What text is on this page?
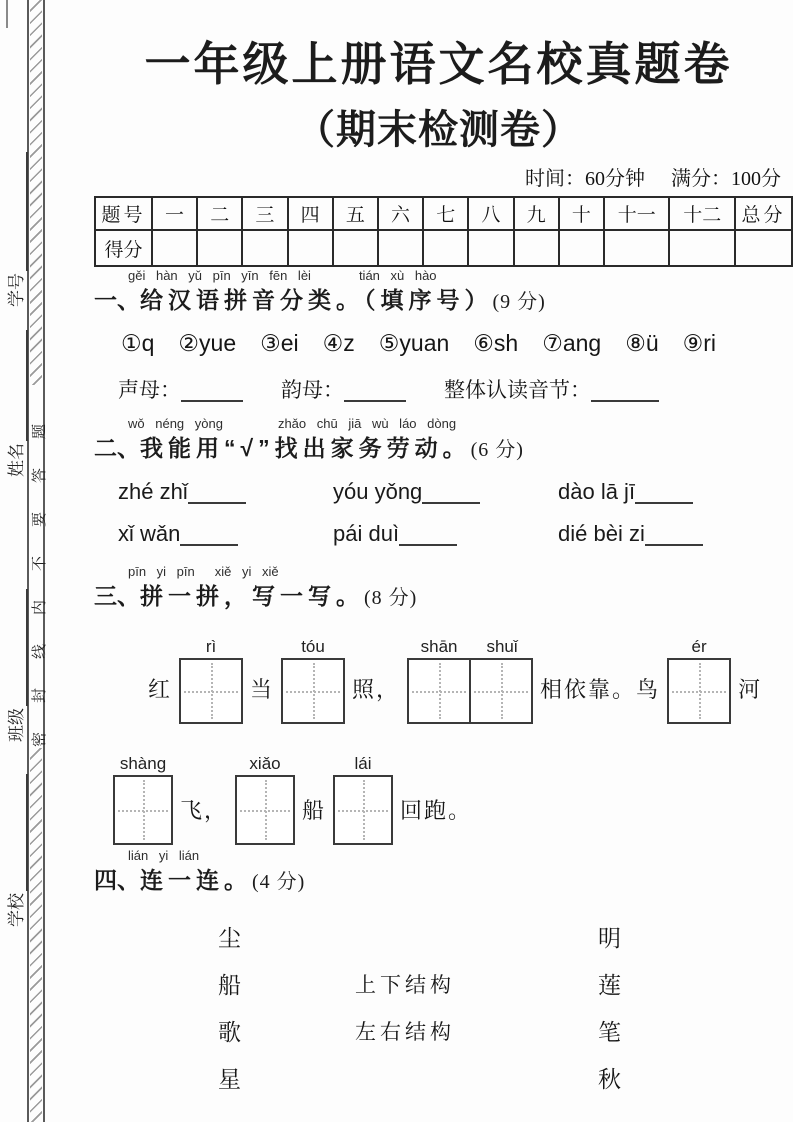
密封线内不要答题
学号
姓名
班级
学校
一年级上册语文名校真题卷
（期末检测卷）
时间：60分钟 满分：100分
题号	一	二	三	四	五	六	七	八	九	十	十一	十二	总分
得分													
gěi hàn yǔ pīn yīn fēn lèi	tián xù hào
一、给汉语拼音分类。（填序号）(9 分)
①q ②yue ③ei ④z ⑤yuan ⑥sh ⑦ang ⑧ü ⑨ri
声母：	韵母：	整体认读音节：
wǒ néng yòng	zhǎo chū jiā wù láo dòng
二、我能用“√”找出家务劳动。(6 分)
zhé zhǐ	yóu yǒng	dào lā jī
xǐ wǎn	pái duì	dié bèi zi
pīn yi pīn xiě yi xiě
三、拼一拼，写一写。(8 分)
红
rì
当
tóu
照，
shān shuǐ
相依靠。鸟
ér
河
shàng
飞，
xiǎo
船
lái
回跑。
lián yi lián
四、连一连。(4 分)
尘
船
歌
星
上下结构
左右结构
明
莲
笔
秋
